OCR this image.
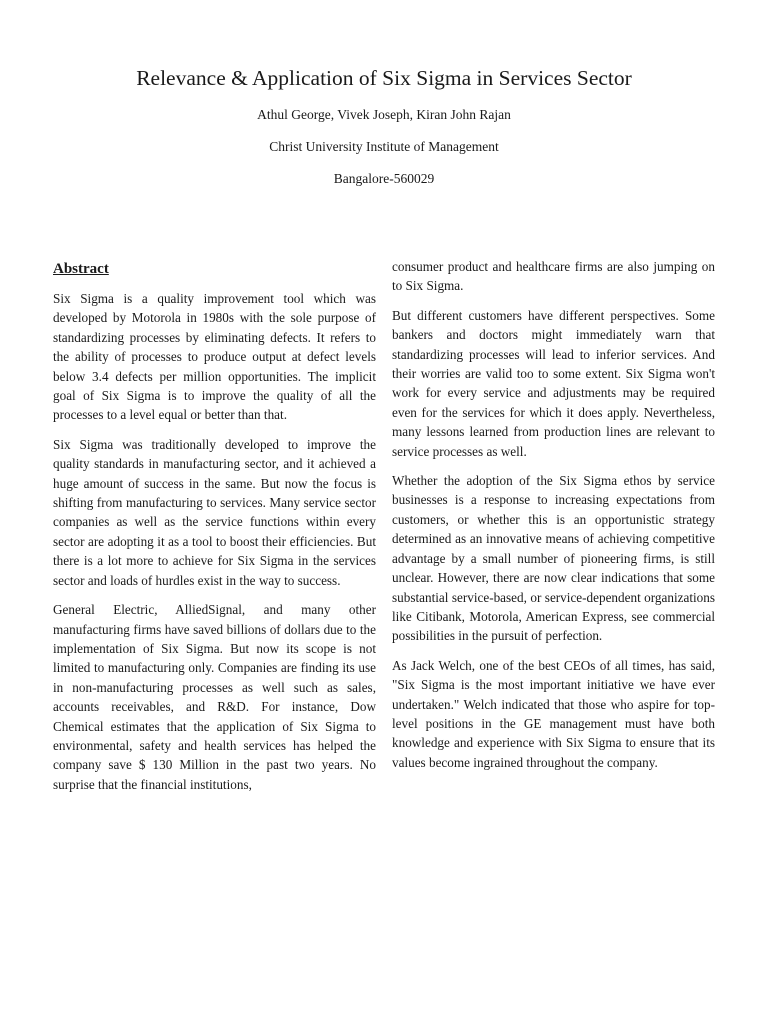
Relevance & Application of Six Sigma in Services Sector

Athul George, Vivek Joseph, Kiran John Rajan

Christ University Institute of Management

Bangalore-560029

Abstract

Six Sigma is a quality improvement tool which was developed by Motorola in 1980s with the sole purpose of standardizing processes by eliminating defects. It refers to the ability of processes to produce output at defect levels below 3.4 defects per million opportunities. The implicit goal of Six Sigma is to improve the quality of all the processes to a level equal or better than that.

Six Sigma was traditionally developed to improve the quality standards in manufacturing sector, and it achieved a huge amount of success in the same. But now the focus is shifting from manufacturing to services. Many service sector companies as well as the service functions within every sector are adopting it as a tool to boost their efficiencies. But there is a lot more to achieve for Six Sigma in the services sector and loads of hurdles exist in the way to success.

General Electric, AlliedSignal, and many other manufacturing firms have saved billions of dollars due to the implementation of Six Sigma. But now its scope is not limited to manufacturing only. Companies are finding its use in non-manufacturing processes as well such as sales, accounts receivables, and R&D. For instance, Dow Chemical estimates that the application of Six Sigma to environmental, safety and health services has helped the company save $ 130 Million in the past two years. No surprise that the financial institutions,

consumer product and healthcare firms are also jumping on to Six Sigma.

But different customers have different perspectives. Some bankers and doctors might immediately warn that standardizing processes will lead to inferior services. And their worries are valid too to some extent. Six Sigma won't work for every service and adjustments may be required even for the services for which it does apply. Nevertheless, many lessons learned from production lines are relevant to service processes as well.

Whether the adoption of the Six Sigma ethos by service businesses is a response to increasing expectations from customers, or whether this is an opportunistic strategy determined as an innovative means of achieving competitive advantage by a small number of pioneering firms, is still unclear. However, there are now clear indications that some substantial service-based, or service-dependent organizations like Citibank, Motorola, American Express, see commercial possibilities in the pursuit of perfection.

As Jack Welch, one of the best CEOs of all times, has said, "Six Sigma is the most important initiative we have ever undertaken." Welch indicated that those who aspire for top-level positions in the GE management must have both knowledge and experience with Six Sigma to ensure that its values become ingrained throughout the company.
